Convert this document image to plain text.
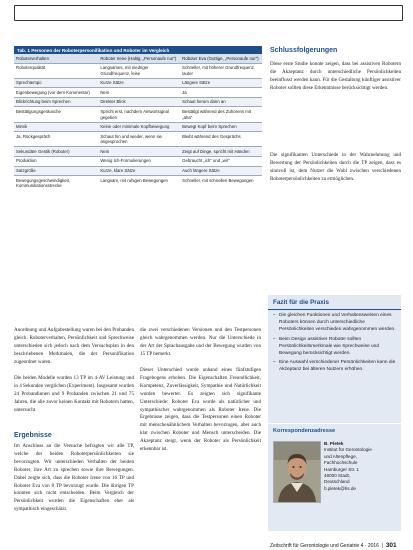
Tab. 1 Personen der Roboterpersonifikation und Roboter im Vergleich
Roboterverhalten	Roboter Irene (Haltig, „Personaufe nur“)	Roboter Eva (Guttige, „Personaufe nur“)
Roboterqualität	Langsames, mit niedriger Grundfrequenz, leise	Schneller, mit höherer Grundfrequenz, lauter
Sprechtempo	Kurze Sätze	Längere Sätze
Eigenbewegung (vor dem Kommentar)	Nein	Ja
Blickrichtung beim Sprechen	Direkter Blick	Schaut herum dann an
Bestätigungsgeräusche	Spricht erst, nachdem Antwortsignal gegeben	Bestätigt während des Zuhörens mit „aha“
Mimik	Keine oder minimale Kopfbewegung	Bewegt Kopf beim Sprechen
Ja, Rückgespräch	Schaut hin und wieder, wenn sie angesprochen	Bleibt während des Gesprächs
Sekundäre Gestik (Roboter)	Nein	Zeigt auf Dinge, spricht mit Händen
Produktion	Wenig Ich-Formulierungen	Gebraucht „ich“ und „wir“
Satzgröße	Kurze, klare Sätze	Auch längere Sätze
Bewegungsgeschwindigkeit, Kommunikationsstrecke	Langsam, mit ruhigen Bewegungen	Schneller, mit schnellen Bewegungen

Anordnung und Aufgabestellung waren bei den Probanden gleich. Roboterverhalten, Persönlichkeit und Sprechweise unterschieden sich jedoch nach dem Versuchsplan in den beschriebenen Merkmalen, die der Personifikation zugeordnet waren.

Die beiden Modelle wurden 13 TP im 4-AV Leistung und in 4 Sekunden verglichen (Experiment). Insgesamt wurden 24 Probandinnen und 9 Probanden zwischen 21 und 75 Jahren, die alle zuvor keinen Kontakt mit Robotern hatten, untersucht.

Ergebnisse

Im Anschluss an die Versuche befragten wir alle TP, welche der beiden Roboterpersönlichkeiten sie bevorzugten. Wir unterschieden Verhalten der beiden Roboter, ihre Art zu sprechen sowie ihre Bewegungen. Dabei zeigte sich, dass die Roboter Irene von 16 TP und Roboter Eva von 8 TP bevorzugt wurde. Die übrigen TP konnten sich nicht entscheiden. Beim Vergleich der Persönlichkeit wurden die Eigenschaften eher als sympathisch eingeschätzt.

die zwei verschiedenen Versionen und den Testpersonen gleich wahrgenommen werden. Nur die Unterschiede in der Art der Sprachausgabe und der Bewegung wurden von 15 TP bemerkt.

Dieser Unterschied wurde anhand eines fünfstufigen Fragebogens erhoben. Die Eigenschaften Freundlichkeit, Kompetenz, Zuverlässigkeit, Sympathie und Natürlichkeit wurden bewertet. Es zeigten sich signifikante Unterschiede: Roboter Eva wurde als natürlicher und sympathischer wahrgenommen als Roboter Irene. Die Ergebnisse zeigen, dass die Testpersonen einen Roboter mit menschenähnlichem Verhalten bevorzugen, aber auch klar zwischen Roboter und Mensch unterscheiden. Die Akzeptanz steigt, wenn der Roboter als Persönlichkeit erkennbar ist.

Schlussfolgerungen

Diese erste Studie konnte zeigen, dass bei assistiven Robotern die Akzeptanz durch unterschiedliche Persönlichkeiten beeinflusst werden kann. Für die Gestaltung künftiger assistiver Roboter sollten diese Erkenntnisse berücksichtigt werden.

Die signifikanten Unterschiede in der Wahrnehmung und Bewertung der Persönlichkeiten durch die TP zeigen, dass es sinnvoll ist, dem Nutzer die Wahl zwischen verschiedenen Roboterpersönlichkeiten zu ermöglichen.

Fazit für die Praxis
– Die gleichen Funktionen und Verhaltensweisen eines Roboters können durch unterschiedliche Persönlichkeiten verschieden wahrgenommen werden.
– Beim Design assistiver Roboter sollten Persönlichkeitsmerkmale wie Sprechweise und Bewegung berücksichtigt werden.
– Eine Auswahl verschiedener Persönlichkeiten kann die Akzeptanz bei älteren Nutzern erhöhen.
Korrespondenzadresse
B. Pletek
Institut für Gerontologie
und Altenpflege,
Fachhochschule
Hamburger Str. 1
49000 Stadt,
Deutschland
b.pletek@hs.de
Zeitschrift für Gerontologie und Geriatrie 4 · 2016  |  301
